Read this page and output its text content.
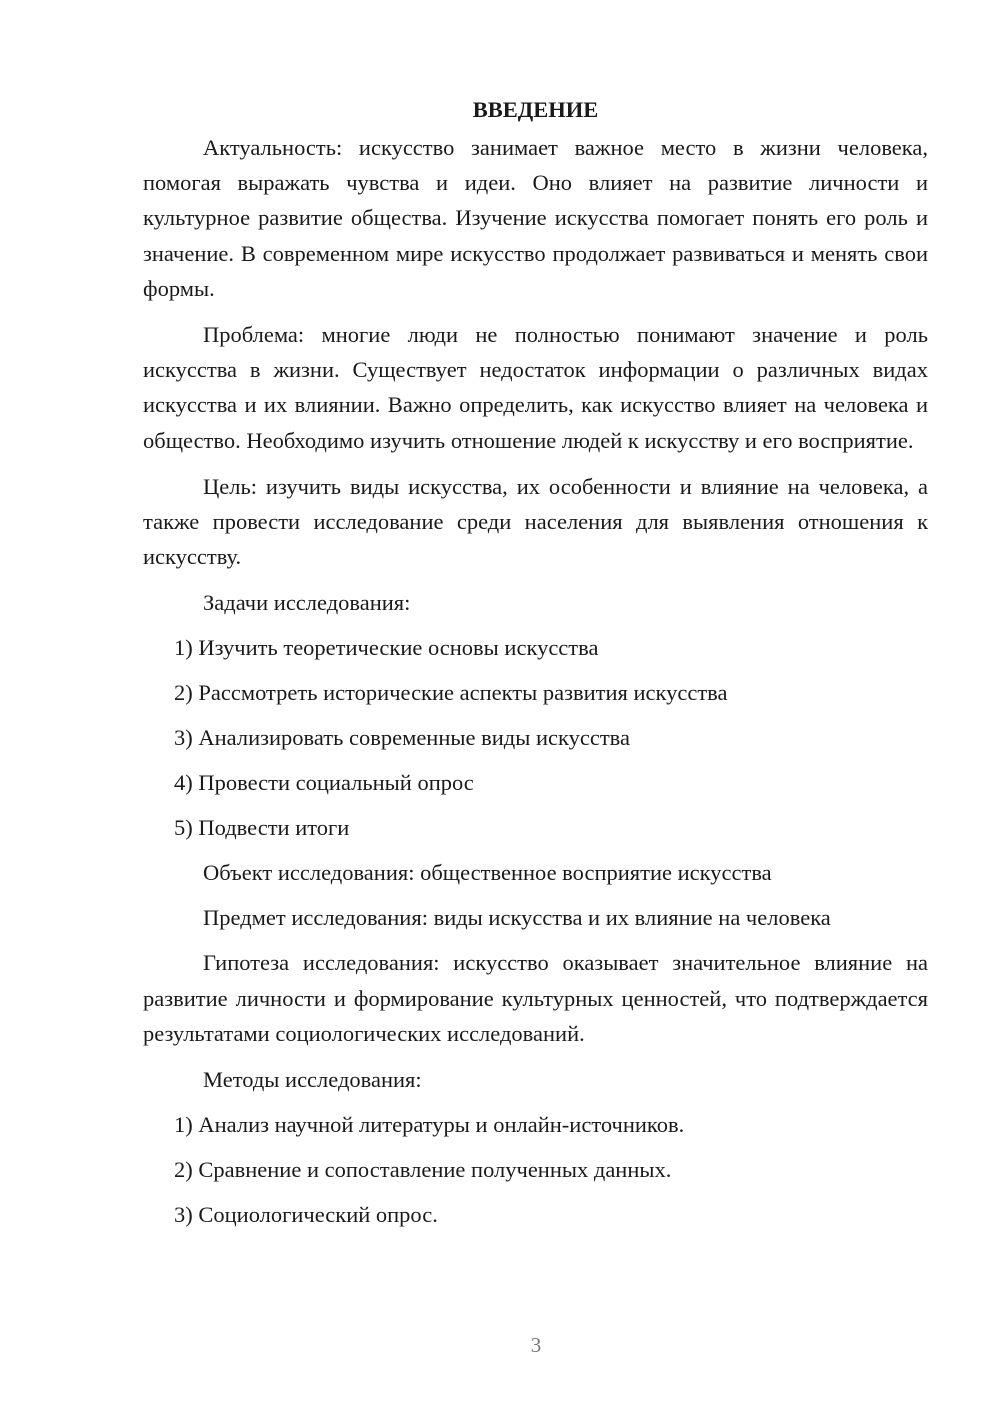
ВВЕДЕНИЕ

Актуальность: искусство занимает важное место в жизни человека, помогая выражать чувства и идеи. Оно влияет на развитие личности и культурное развитие общества. Изучение искусства помогает понять его роль и значение. В современном мире искусство продолжает развиваться и менять свои формы.

Проблема: многие люди не полностью понимают значение и роль искусства в жизни. Существует недостаток информации о различных видах искусства и их влиянии. Важно определить, как искусство влияет на человека и общество. Необходимо изучить отношение людей к искусству и его восприятие.

Цель: изучить виды искусства, их особенности и влияние на человека, а также провести исследование среди населения для выявления отношения к искусству.

Задачи исследования:

1) Изучить теоретические основы искусства

2) Рассмотреть исторические аспекты развития искусства

3) Анализировать современные виды искусства

4) Провести социальный опрос

5) Подвести итоги

Объект исследования: общественное восприятие искусства

Предмет исследования: виды искусства и их влияние на человека

Гипотеза исследования: искусство оказывает значительное влияние на развитие личности и формирование культурных ценностей, что подтверждается результатами социологических исследований.

Методы исследования:

1) Анализ научной литературы и онлайн-источников.

2) Сравнение и сопоставление полученных данных.

3) Социологический опрос.

3
